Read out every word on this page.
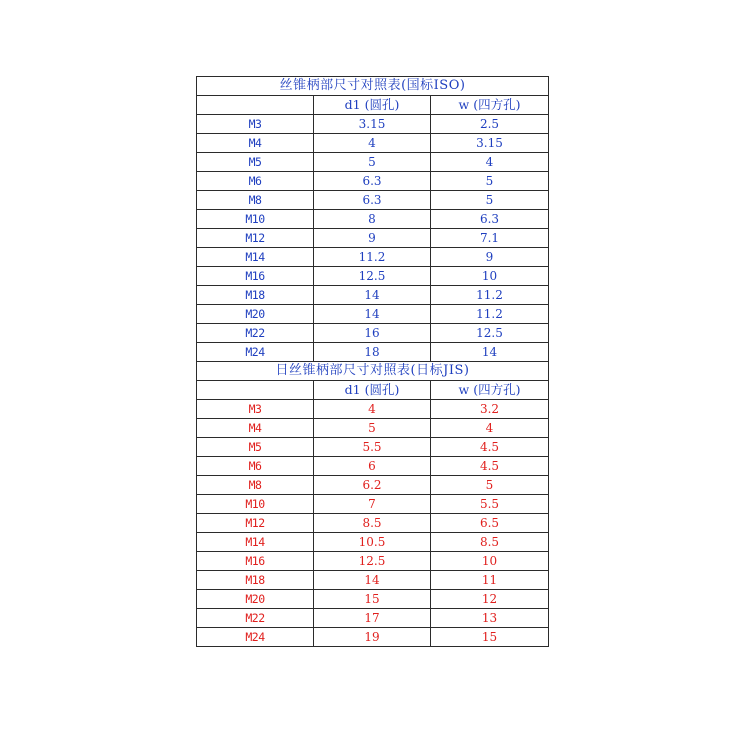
丝锥柄部尺寸对照表(国标ISO)		
	d1 (圆孔)	w (四方孔)
M3	3.15	2.5
M4	4	3.15
M5	5	4
M6	6.3	5
M8	6.3	5
M10	8	6.3
M12	9	7.1
M14	11.2	9
M16	12.5	10
M18	14	11.2
M20	14	11.2
M22	16	12.5
M24	18	14
日丝锥柄部尺寸对照表(日标JIS)		
	d1 (圆孔)	w (四方孔)
M3	4	3.2
M4	5	4
M5	5.5	4.5
M6	6	4.5
M8	6.2	5
M10	7	5.5
M12	8.5	6.5
M14	10.5	8.5
M16	12.5	10
M18	14	11
M20	15	12
M22	17	13
M24	19	15
